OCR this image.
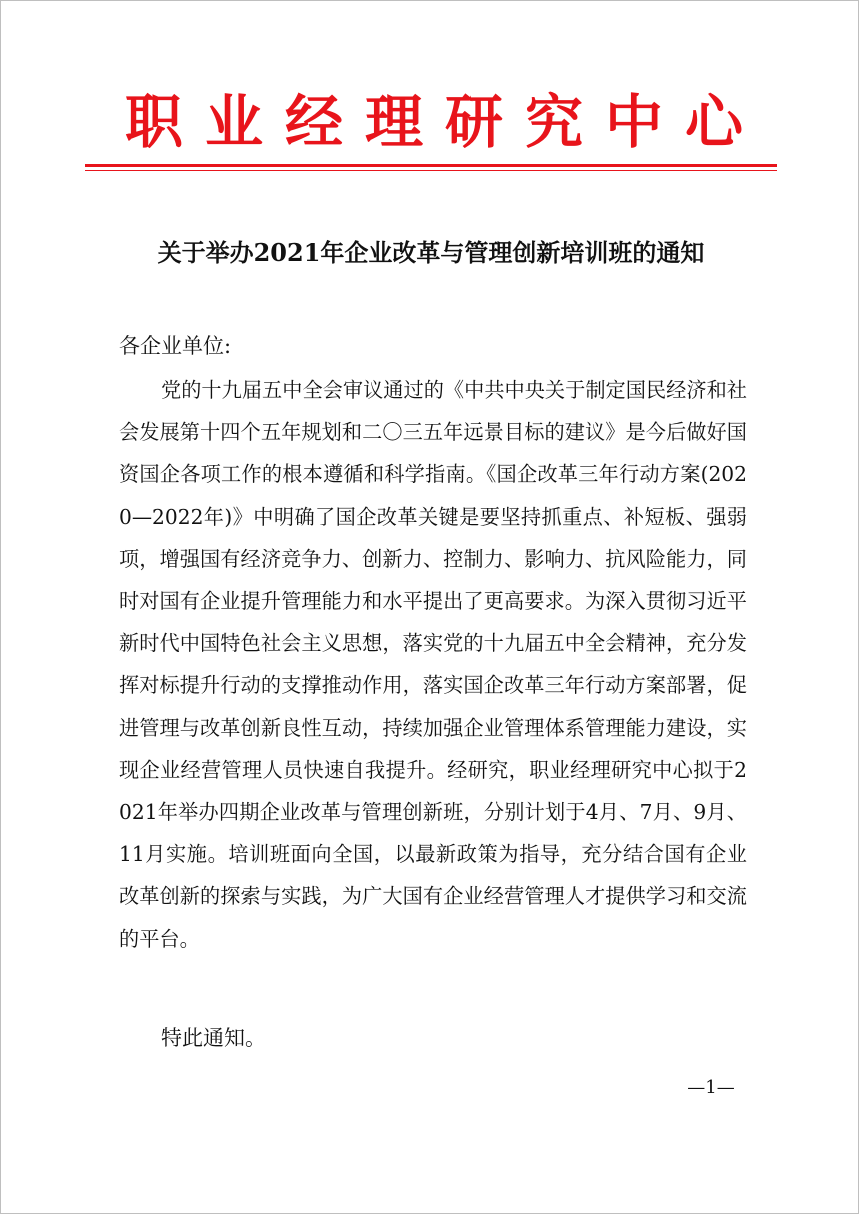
职业经理研究中心
关于举办2021年企业改革与管理创新培训班的通知
各企业单位:

党的十九届五中全会审议通过的《中共中央关于制定国民经济和社会发展第十四个五年规划和二〇三五年远景目标的建议》是今后做好国资国企各项工作的根本遵循和科学指南。《国企改革三年行动方案(2020—2022年)》中明确了国企改革关键是要坚持抓重点、补短板、强弱项，增强国有经济竞争力、创新力、控制力、影响力、抗风险能力，同时对国有企业提升管理能力和水平提出了更高要求。为深入贯彻习近平新时代中国特色社会主义思想，落实党的十九届五中全会精神，充分发挥对标提升行动的支撑推动作用，落实国企改革三年行动方案部署，促进管理与改革创新良性互动，持续加强企业管理体系管理能力建设，实现企业经营管理人员快速自我提升。经研究，职业经理研究中心拟于2021年举办四期企业改革与管理创新班，分别计划于4月、7月、9月、11月实施。培训班面向全国，以最新政策为指导，充分结合国有企业改革创新的探索与实践，为广大国有企业经营管理人才提供学习和交流的平台。

特此通知。
—1—
